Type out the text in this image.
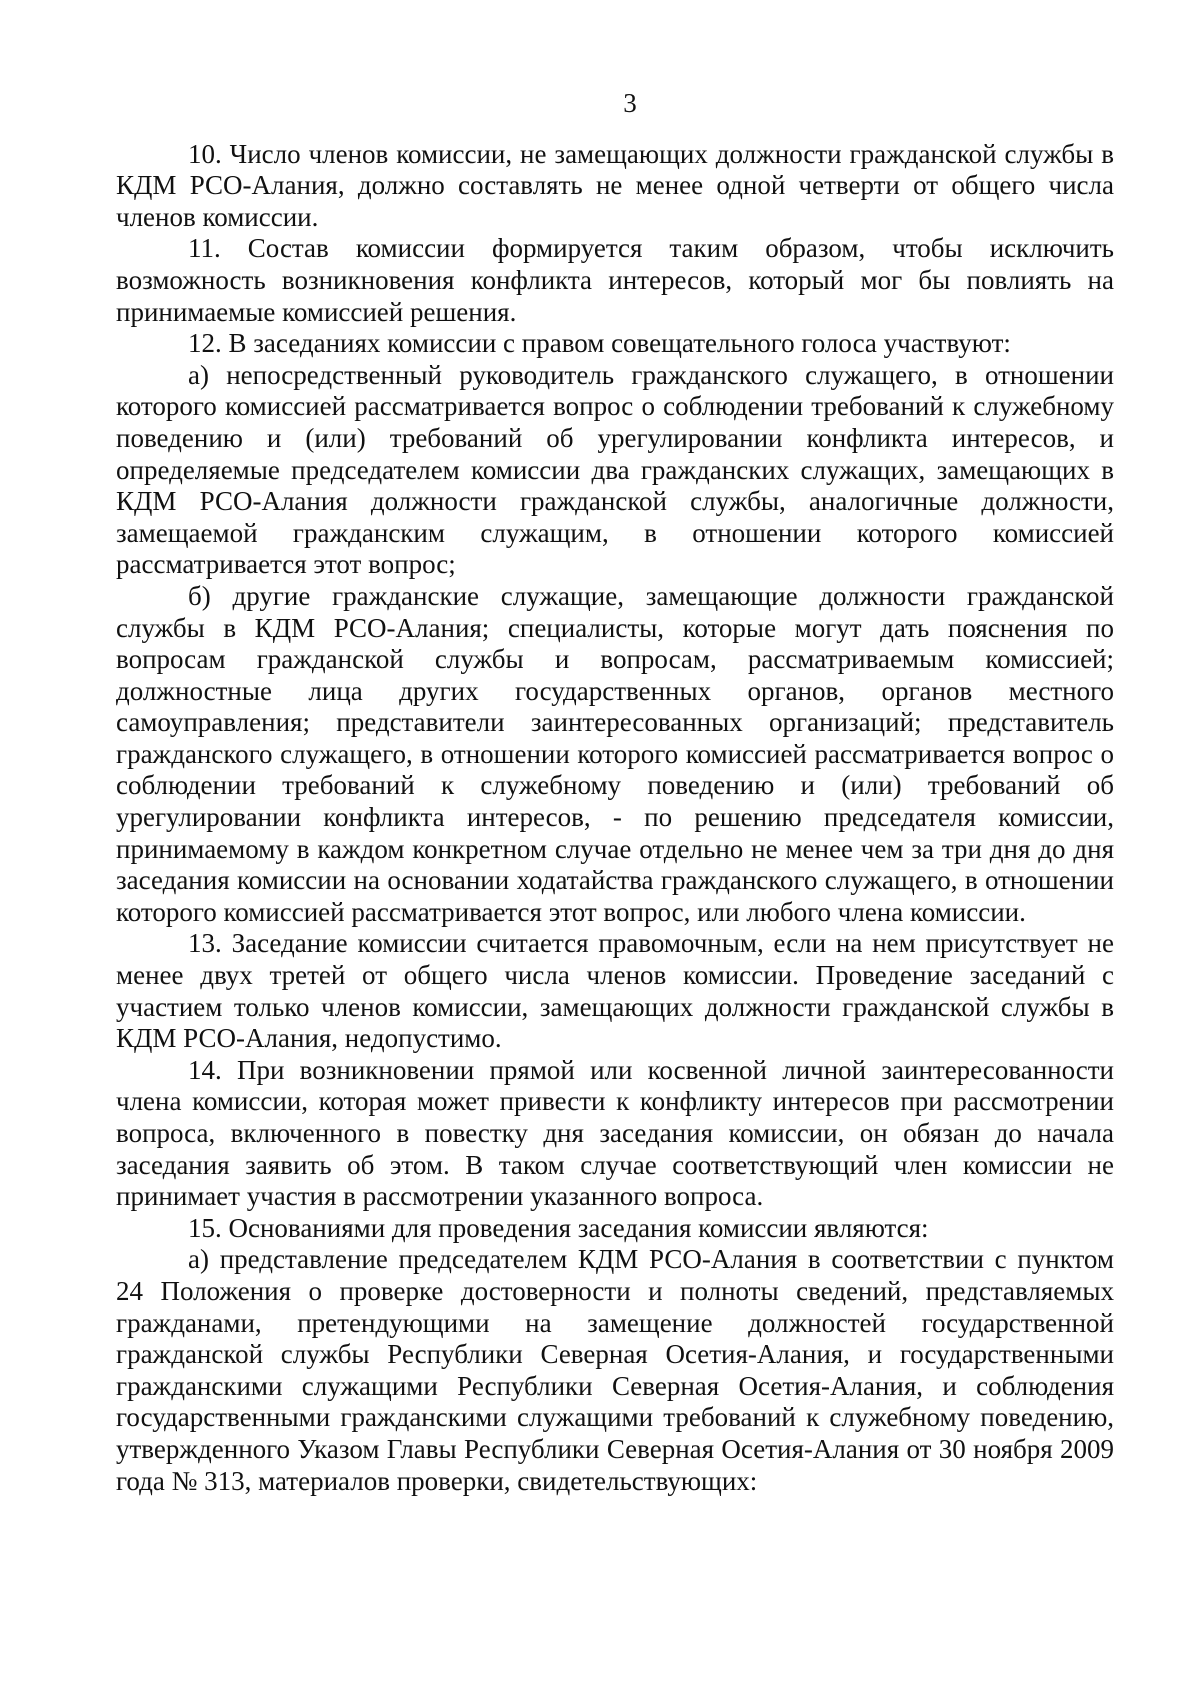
3

10. Число членов комиссии, не замещающих должности гражданской службы в КДМ РСО-Алания, должно составлять не менее одной четверти от общего числа членов комиссии.

11. Состав комиссии формируется таким образом, чтобы исключить возможность возникновения конфликта интересов, который мог бы повлиять на принимаемые комиссией решения.

12. В заседаниях комиссии с правом совещательного голоса участвуют:

а) непосредственный руководитель гражданского служащего, в отношении которого комиссией рассматривается вопрос о соблюдении требований к служебному поведению и (или) требований об урегулировании конфликта интересов, и определяемые председателем комиссии два гражданских служащих, замещающих в КДМ РСО-Алания должности гражданской службы, аналогичные должности, замещаемой гражданским служащим, в отношении которого комиссией рассматривается этот вопрос;

б) другие гражданские служащие, замещающие должности гражданской службы в КДМ РСО-Алания; специалисты, которые могут дать пояснения по вопросам гражданской службы и вопросам, рассматриваемым комиссией; должностные лица других государственных органов, органов местного самоуправления; представители заинтересованных организаций; представитель гражданского служащего, в отношении которого комиссией рассматривается вопрос о соблюдении требований к служебному поведению и (или) требований об урегулировании конфликта интересов, - по решению председателя комиссии, принимаемому в каждом конкретном случае отдельно не менее чем за три дня до дня заседания комиссии на основании ходатайства гражданского служащего, в отношении которого комиссией рассматривается этот вопрос, или любого члена комиссии.

13. Заседание комиссии считается правомочным, если на нем присутствует не менее двух третей от общего числа членов комиссии. Проведение заседаний с участием только членов комиссии, замещающих должности гражданской службы в КДМ РСО-Алания, недопустимо.

14. При возникновении прямой или косвенной личной заинтересованности члена комиссии, которая может привести к конфликту интересов при рассмотрении вопроса, включенного в повестку дня заседания комиссии, он обязан до начала заседания заявить об этом. В таком случае соответствующий член комиссии не принимает участия в рассмотрении указанного вопроса.

15. Основаниями для проведения заседания комиссии являются:

а) представление председателем КДМ РСО-Алания в соответствии с пунктом 24 Положения о проверке достоверности и полноты сведений, представляемых гражданами, претендующими на замещение должностей государственной гражданской службы Республики Северная Осетия-Алания, и государственными гражданскими служащими Республики Северная Осетия-Алания, и соблюдения государственными гражданскими служащими требований к служебному поведению, утвержденного Указом Главы Республики Северная Осетия-Алания от 30 ноября 2009 года № 313, материалов проверки, свидетельствующих:
